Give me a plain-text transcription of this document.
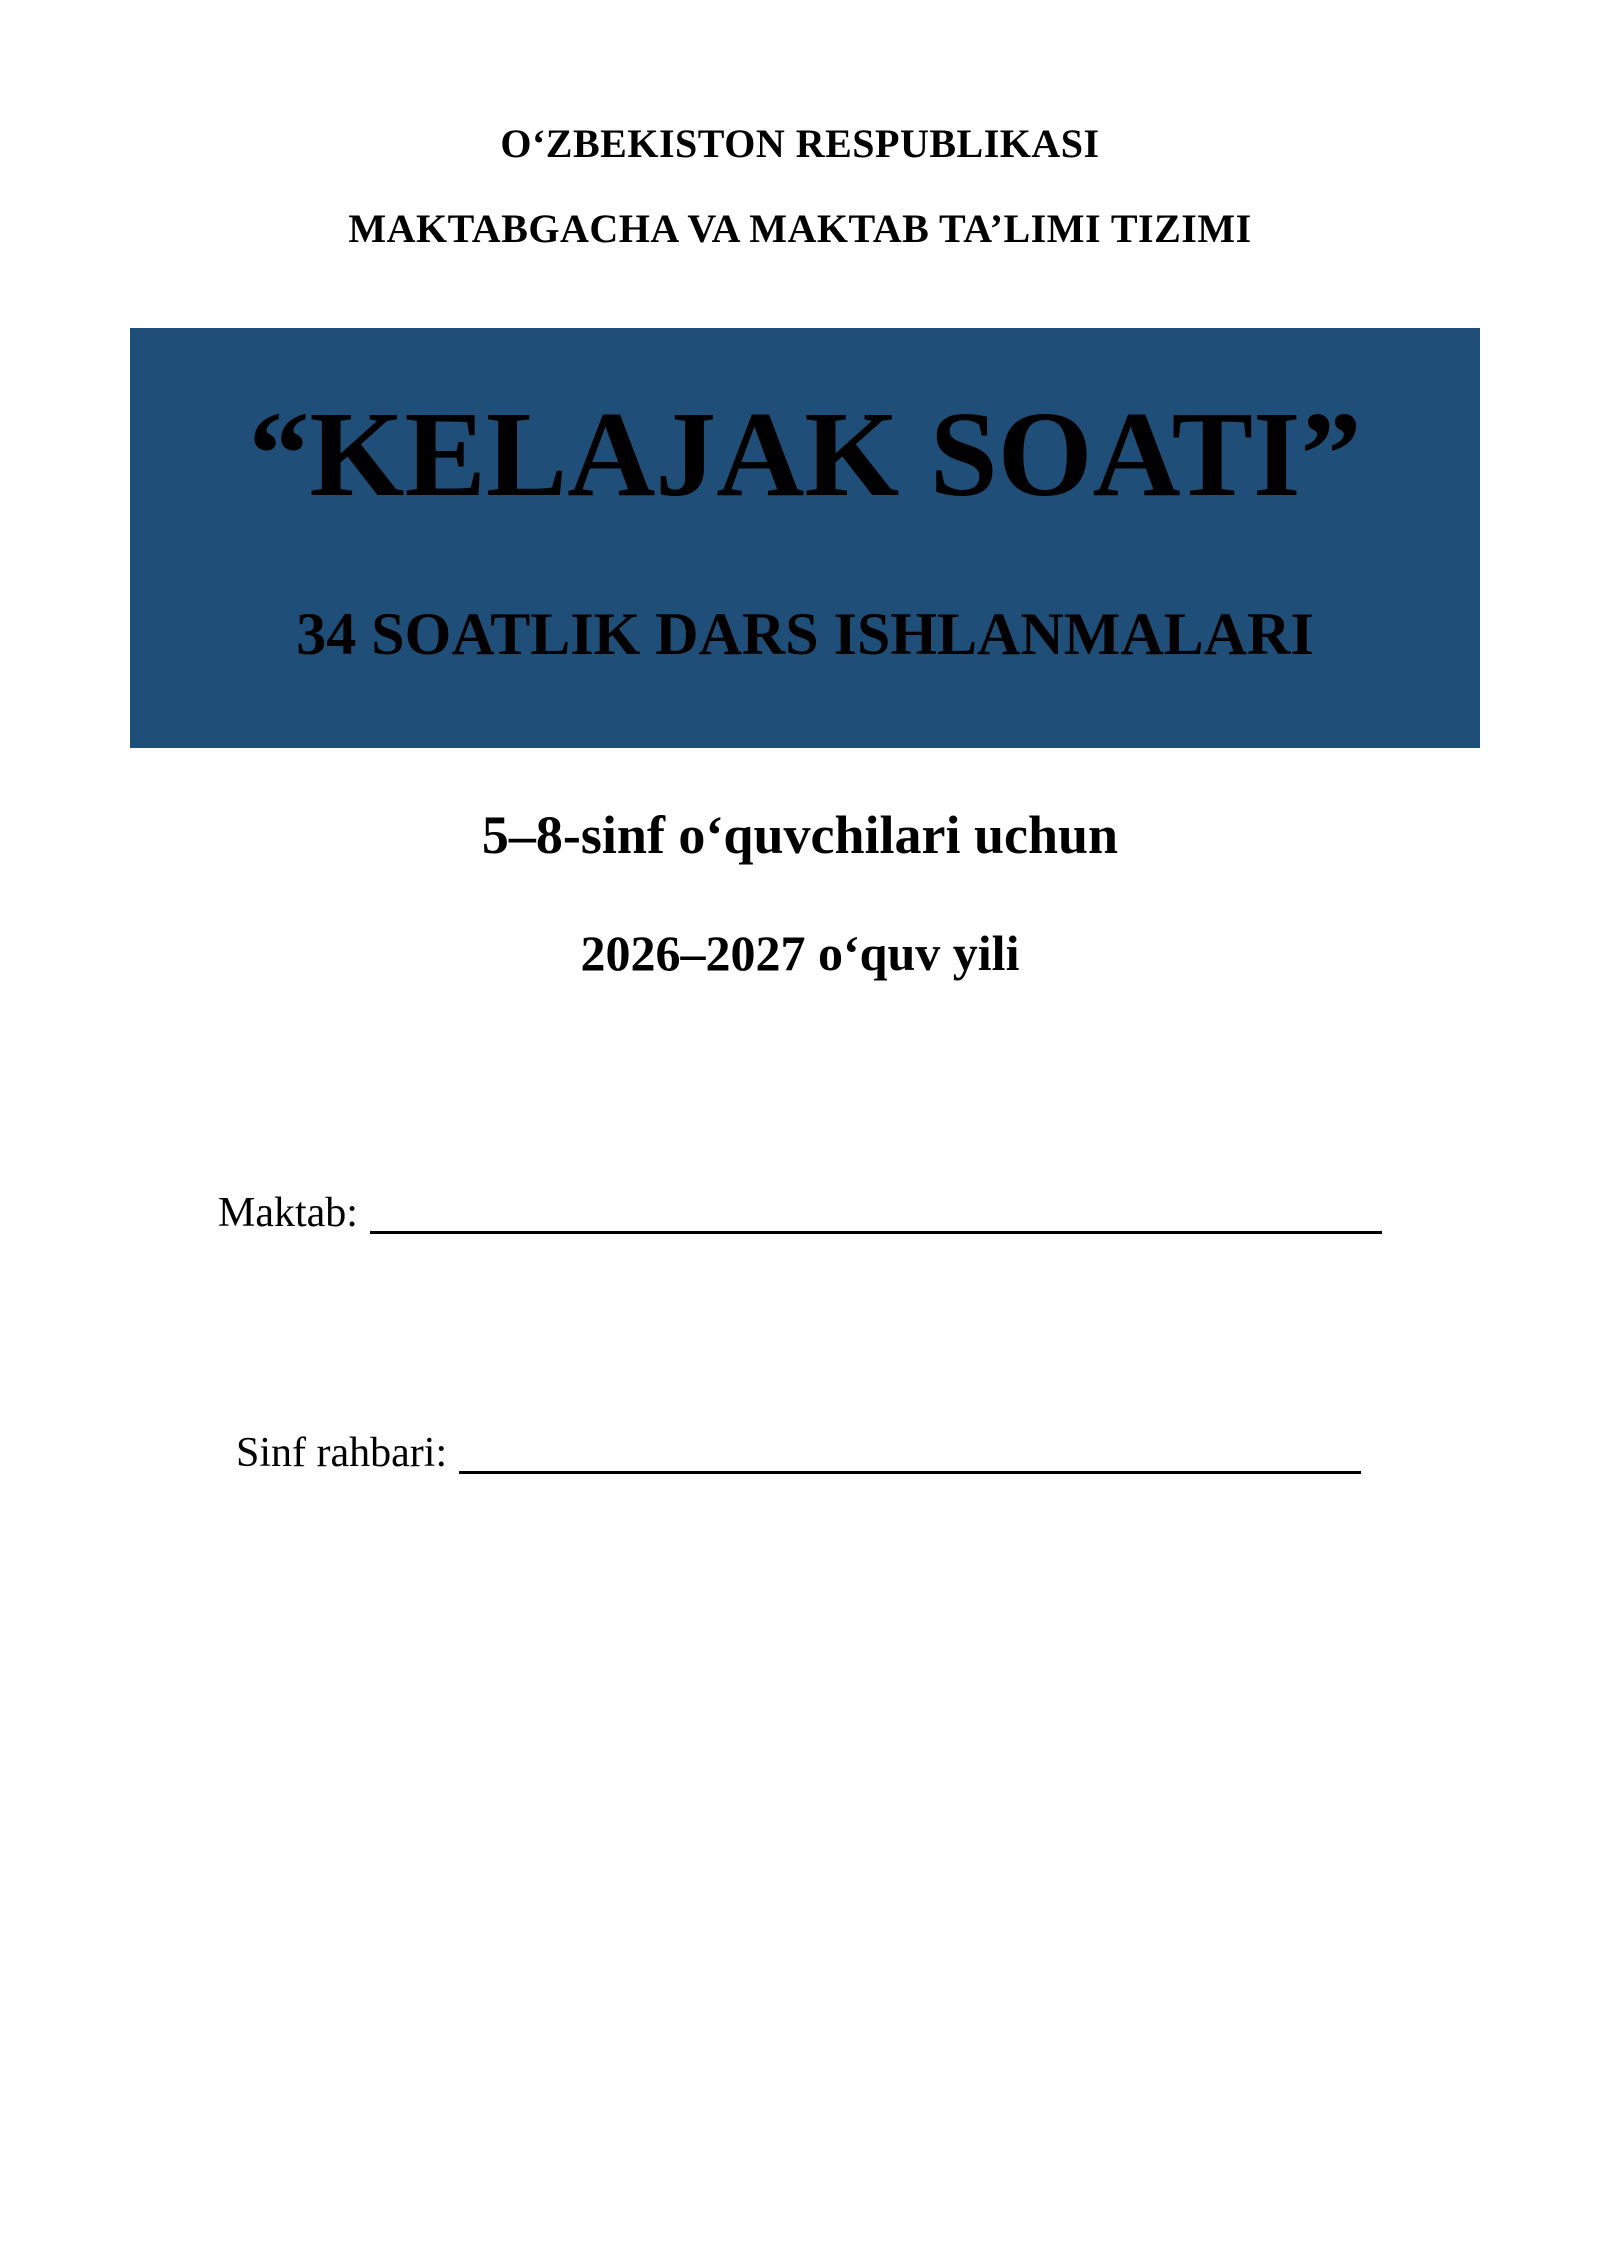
O‘ZBEKISTON RESPUBLIKASI
MAKTABGACHA VA MAKTAB TA’LIMI TIZIMI
“KELAJAK SOATI”
34 SOATLIK DARS ISHLANMALARI
5–8-sinf o‘quvchilari uchun
2026–2027 o‘quv yili
Maktab:
Sinf rahbari:
